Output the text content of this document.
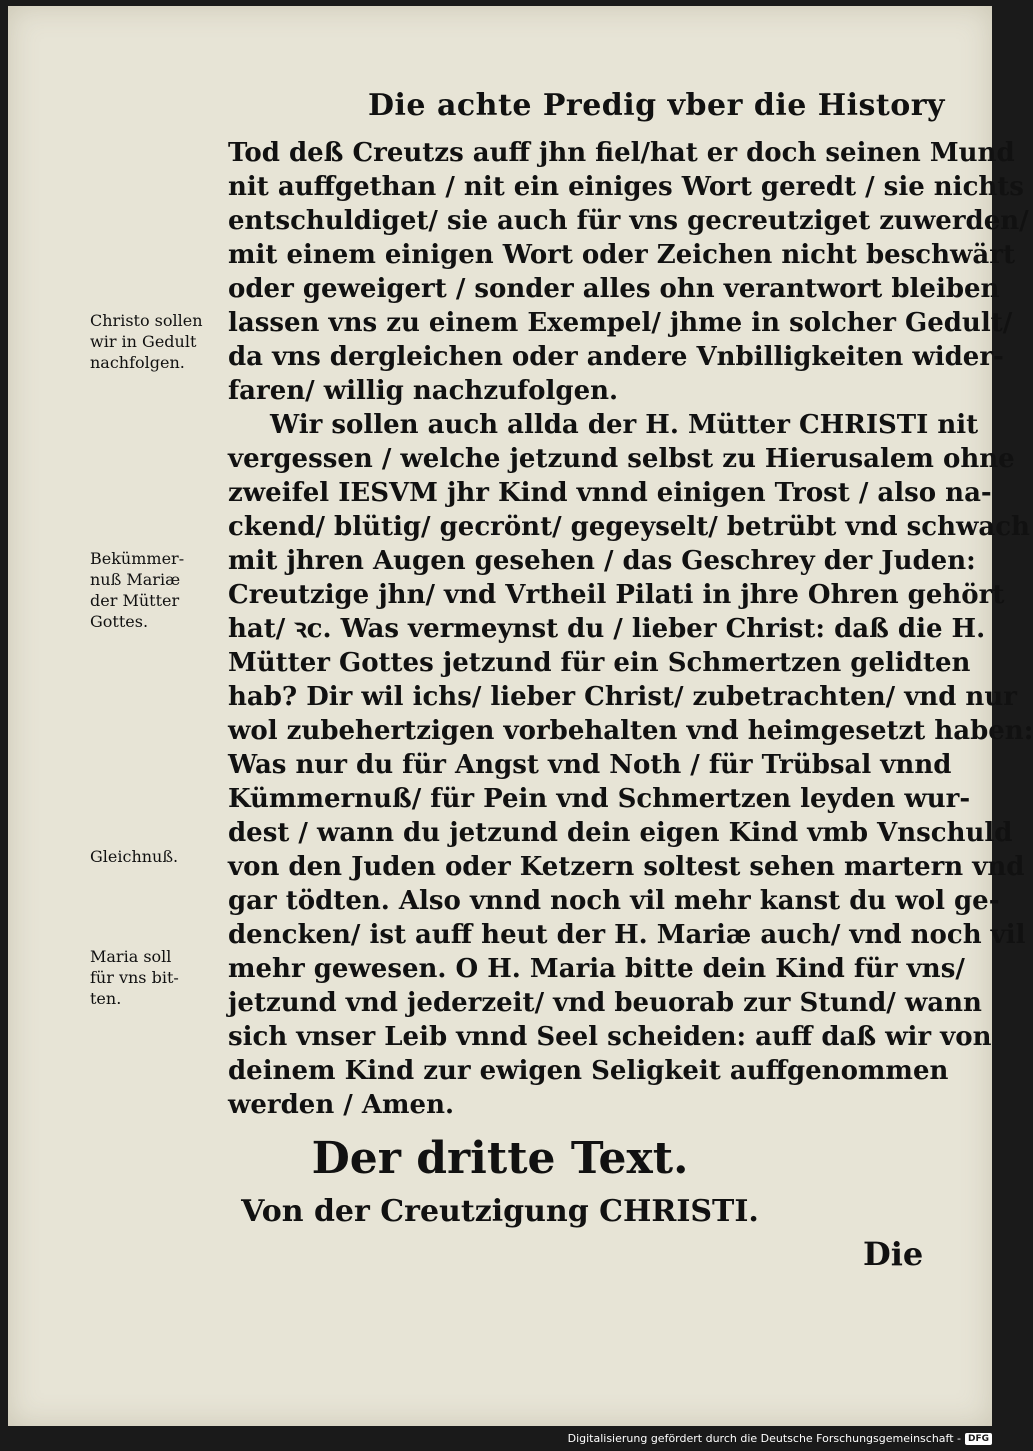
Die achte Predig vber die History
Tod deß Creutzs auff jhn fiel/hat er doch seinen Mund
nit auffgethan / nit ein einiges Wort geredt / sie nichts
entschuldiget/ sie auch für vns gecreutziget zuwerden/
mit einem einigen Wort oder Zeichen nicht beschwärt
oder geweigert / sonder alles ohn verantwort bleiben
lassen vns zu einem Exempel/ jhme in solcher Gedult/
da vns dergleichen oder andere Vnbilligkeiten wider-
faren/ willig nachzufolgen.
Wir sollen auch allda der H. Mütter CHRISTI nit
vergessen / welche jetzund selbst zu Hierusalem ohne
zweifel IESVM jhr Kind vnnd einigen Trost / also na-
ckend/ blütig/ gecrönt/ gegeyselt/ betrübt vnd schwach
mit jhren Augen gesehen / das Geschrey der Juden:
Creutzige jhn/ vnd Vrtheil Pilati in jhre Ohren gehört
hat/ ꝛc. Was vermeynst du / lieber Christ: daß die H.
Mütter Gottes jetzund für ein Schmertzen gelidten
hab? Dir wil ichs/ lieber Christ/ zubetrachten/ vnd nur
wol zubehertzigen vorbehalten vnd heimgesetzt haben:
Was nur du für Angst vnd Noth / für Trübsal vnnd
Kümmernuß/ für Pein vnd Schmertzen leyden wur-
dest / wann du jetzund dein eigen Kind vmb Vnschuld
von den Juden oder Ketzern soltest sehen martern vnd
gar tödten. Also vnnd noch vil mehr kanst du wol ge-
dencken/ ist auff heut der H. Mariæ auch/ vnd noch vil
mehr gewesen. O H. Maria bitte dein Kind für vns/
jetzund vnd jederzeit/ vnd beuorab zur Stund/ wann
sich vnser Leib vnnd Seel scheiden: auff daß wir von
deinem Kind zur ewigen Seligkeit auffgenommen
werden / Amen.
Christo sollen
wir in Gedult
nachfolgen.
Bekümmer-
nuß Mariæ
der Mütter
Gottes.
Gleichnuß.
Maria soll
für vns bit-
ten.
Der dritte Text.
Von der Creutzigung CHRISTI.
Die
Digitalisierung gefördert durch die Deutsche Forschungsgemeinschaft - DFG
